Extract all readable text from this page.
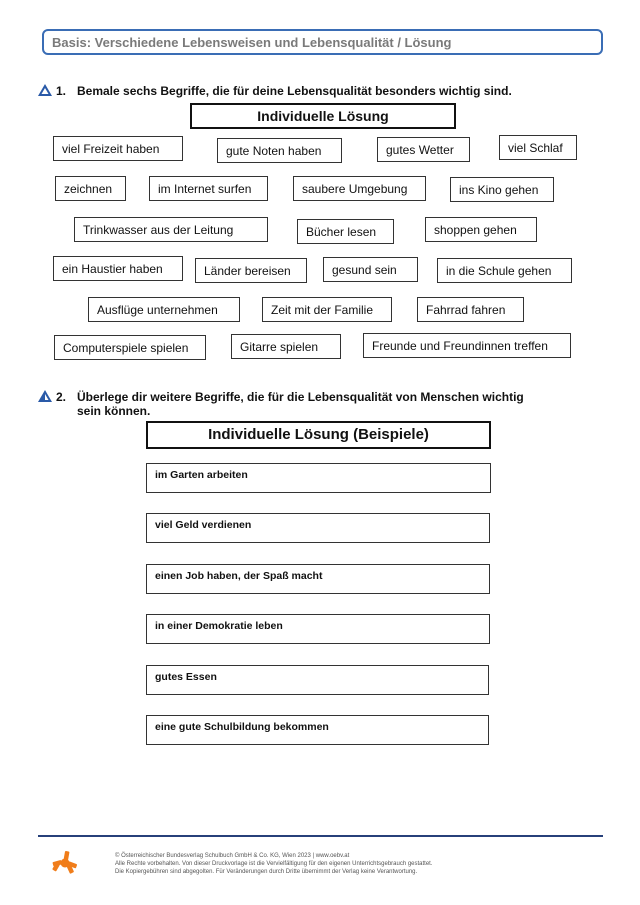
Basis: Verschiedene Lebensweisen und Lebensqualität / Lösung
1. Bemale sechs Begriffe, die für deine Lebensqualität besonders wichtig sind.
Individuelle Lösung
viel Freizeit haben	gute Noten haben	gutes Wetter	viel Schlaf
zeichnen	im Internet surfen	saubere Umgebung	ins Kino gehen
Trinkwasser aus der Leitung	Bücher lesen	shoppen gehen
ein Haustier haben	Länder bereisen	gesund sein	in die Schule gehen
Ausflüge unternehmen	Zeit mit der Familie	Fahrrad fahren
Computerspiele spielen	Gitarre spielen	Freunde und Freundinnen treffen
2. Überlege dir weitere Begriffe, die für die Lebensqualität von Menschen wichtig
sein können.
Individuelle Lösung (Beispiele)
im Garten arbeiten
viel Geld verdienen
einen Job haben, der Spaß macht
in einer Demokratie leben
gutes Essen
eine gute Schulbildung bekommen
© Österreichischer Bundesverlag Schulbuch GmbH & Co. KG, Wien 2023 | www.oebv.at
Alle Rechte vorbehalten. Von dieser Druckvorlage ist die Vervielfältigung für den eigenen Unterrichtsgebrauch gestattet.
Die Kopiergebühren sind abgegolten. Für Veränderungen durch Dritte übernimmt der Verlag keine Verantwortung.
